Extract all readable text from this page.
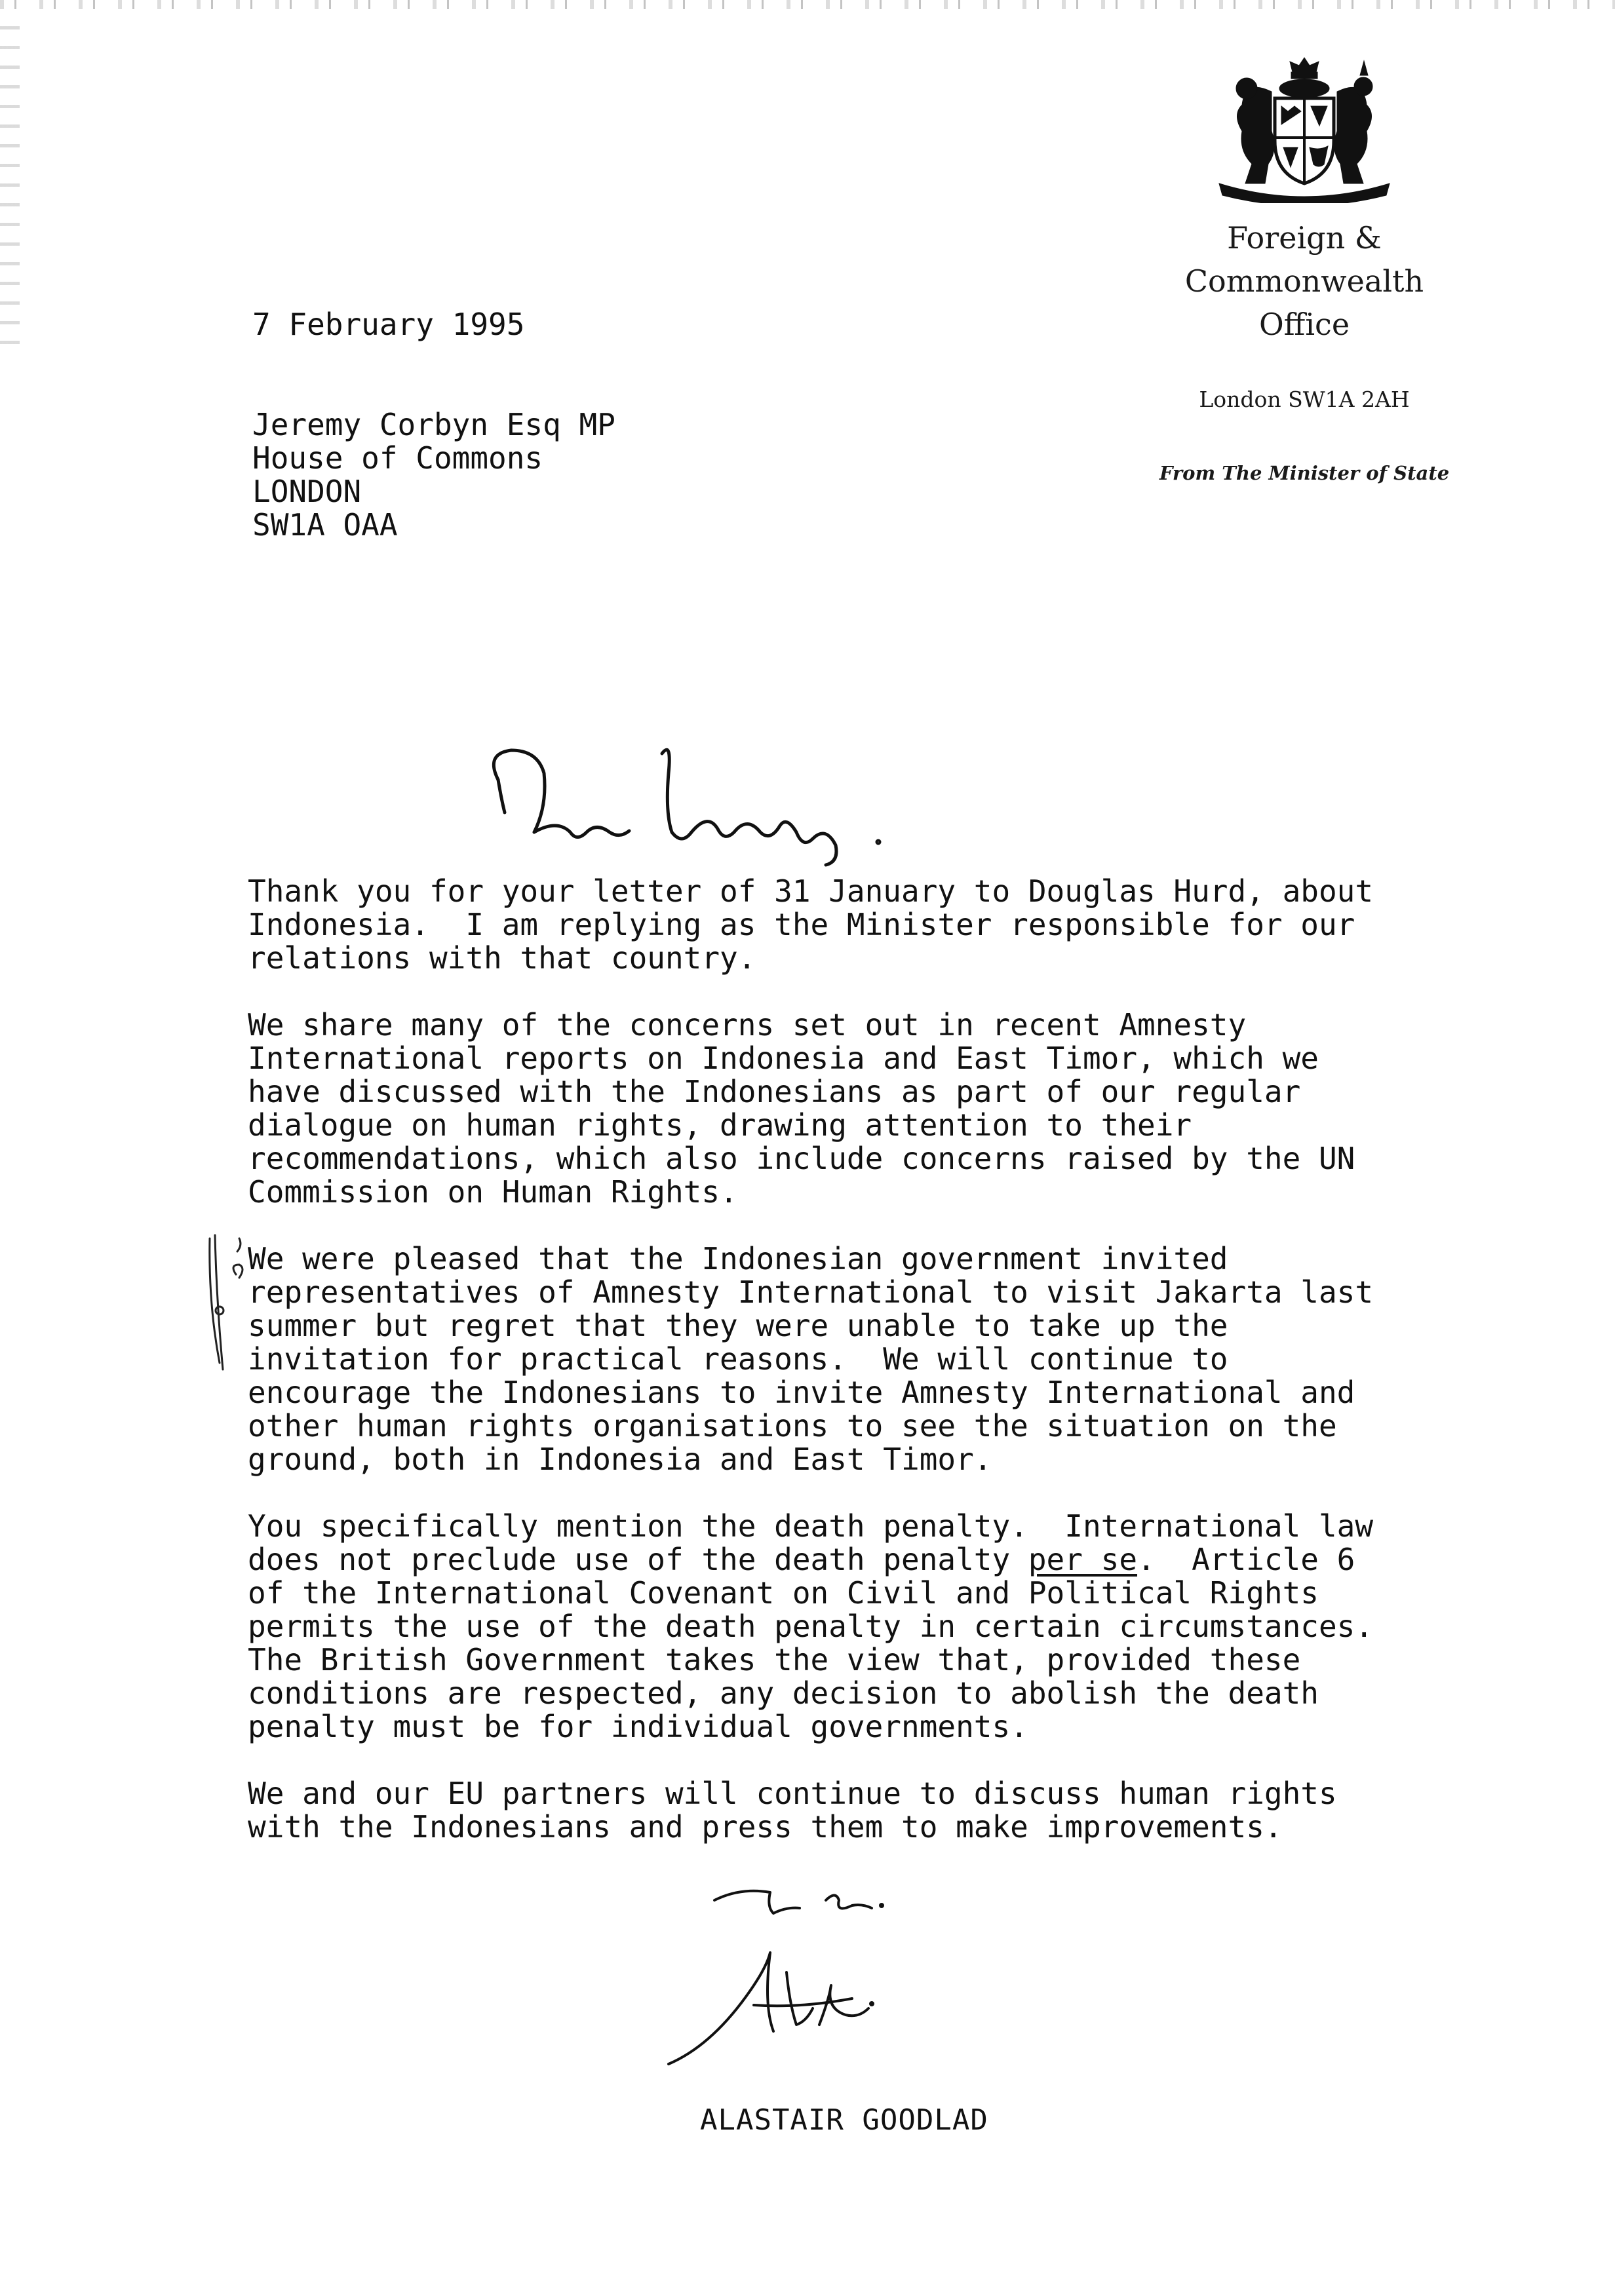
Foreign &
Commonwealth
Office
London SW1A 2AH
From The Minister of State
7 February 1995
Jeremy Corbyn Esq MP
House of Commons
LONDON
SW1A OAA
Thank you for your letter of 31 January to Douglas Hurd, about
Indonesia.  I am replying as the Minister responsible for our
relations with that country.
We share many of the concerns set out in recent Amnesty
International reports on Indonesia and East Timor, which we
have discussed with the Indonesians as part of our regular
dialogue on human rights, drawing attention to their
recommendations, which also include concerns raised by the UN
Commission on Human Rights.
We were pleased that the Indonesian government invited
representatives of Amnesty International to visit Jakarta last
summer but regret that they were unable to take up the
invitation for practical reasons.  We will continue to
encourage the Indonesians to invite Amnesty International and
other human rights organisations to see the situation on the
ground, both in Indonesia and East Timor.
You specifically mention the death penalty.  International law
does not preclude use of the death penalty per se.  Article 6
of the International Covenant on Civil and Political Rights
permits the use of the death penalty in certain circumstances.
The British Government takes the view that, provided these
conditions are respected, any decision to abolish the death
penalty must be for individual governments.
We and our EU partners will continue to discuss human rights
with the Indonesians and press them to make improvements.
ALASTAIR GOODLAD
